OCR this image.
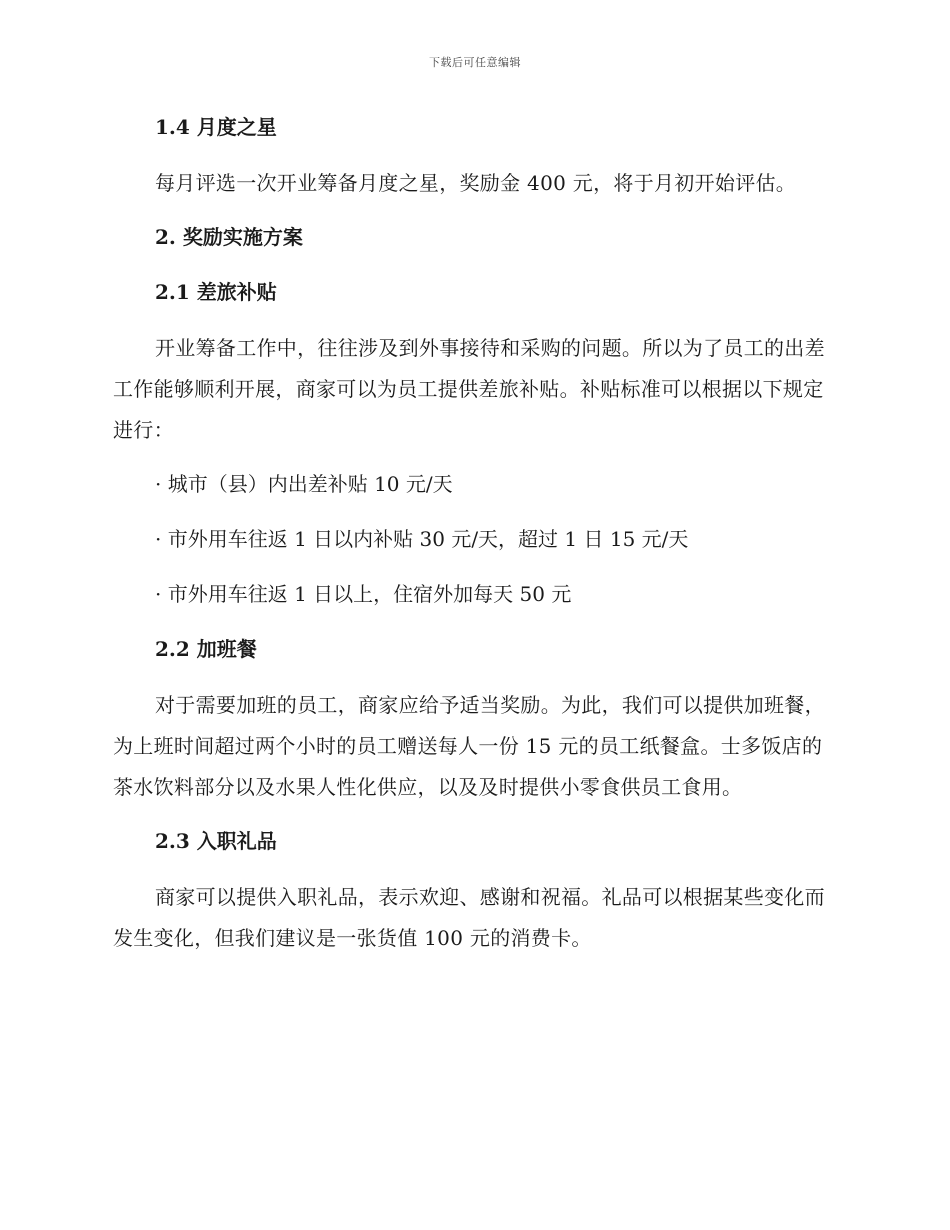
下载后可任意编辑
1.4 月度之星

每月评选一次开业筹备月度之星，奖励金 400 元，将于月初开始评估。

2. 奖励实施方案
2.1 差旅补贴

开业筹备工作中，往往涉及到外事接待和采购的问题。所以为了员工的出差工作能够顺利开展，商家可以为员工提供差旅补贴。补贴标准可以根据以下规定进行：

· 城市（县）内出差补贴 10 元/天

· 市外用车往返 1 日以内补贴 30 元/天，超过 1 日 15 元/天

· 市外用车往返 1 日以上，住宿外加每天 50 元

2.2 加班餐

对于需要加班的员工，商家应给予适当奖励。为此，我们可以提供加班餐，为上班时间超过两个小时的员工赠送每人一份 15 元的员工纸餐盒。士多饭店的茶水饮料部分以及水果人性化供应，以及及时提供小零食供员工食用。

2.3 入职礼品

商家可以提供入职礼品，表示欢迎、感谢和祝福。礼品可以根据某些变化而发生变化，但我们建议是一张货值 100 元的消费卡。
